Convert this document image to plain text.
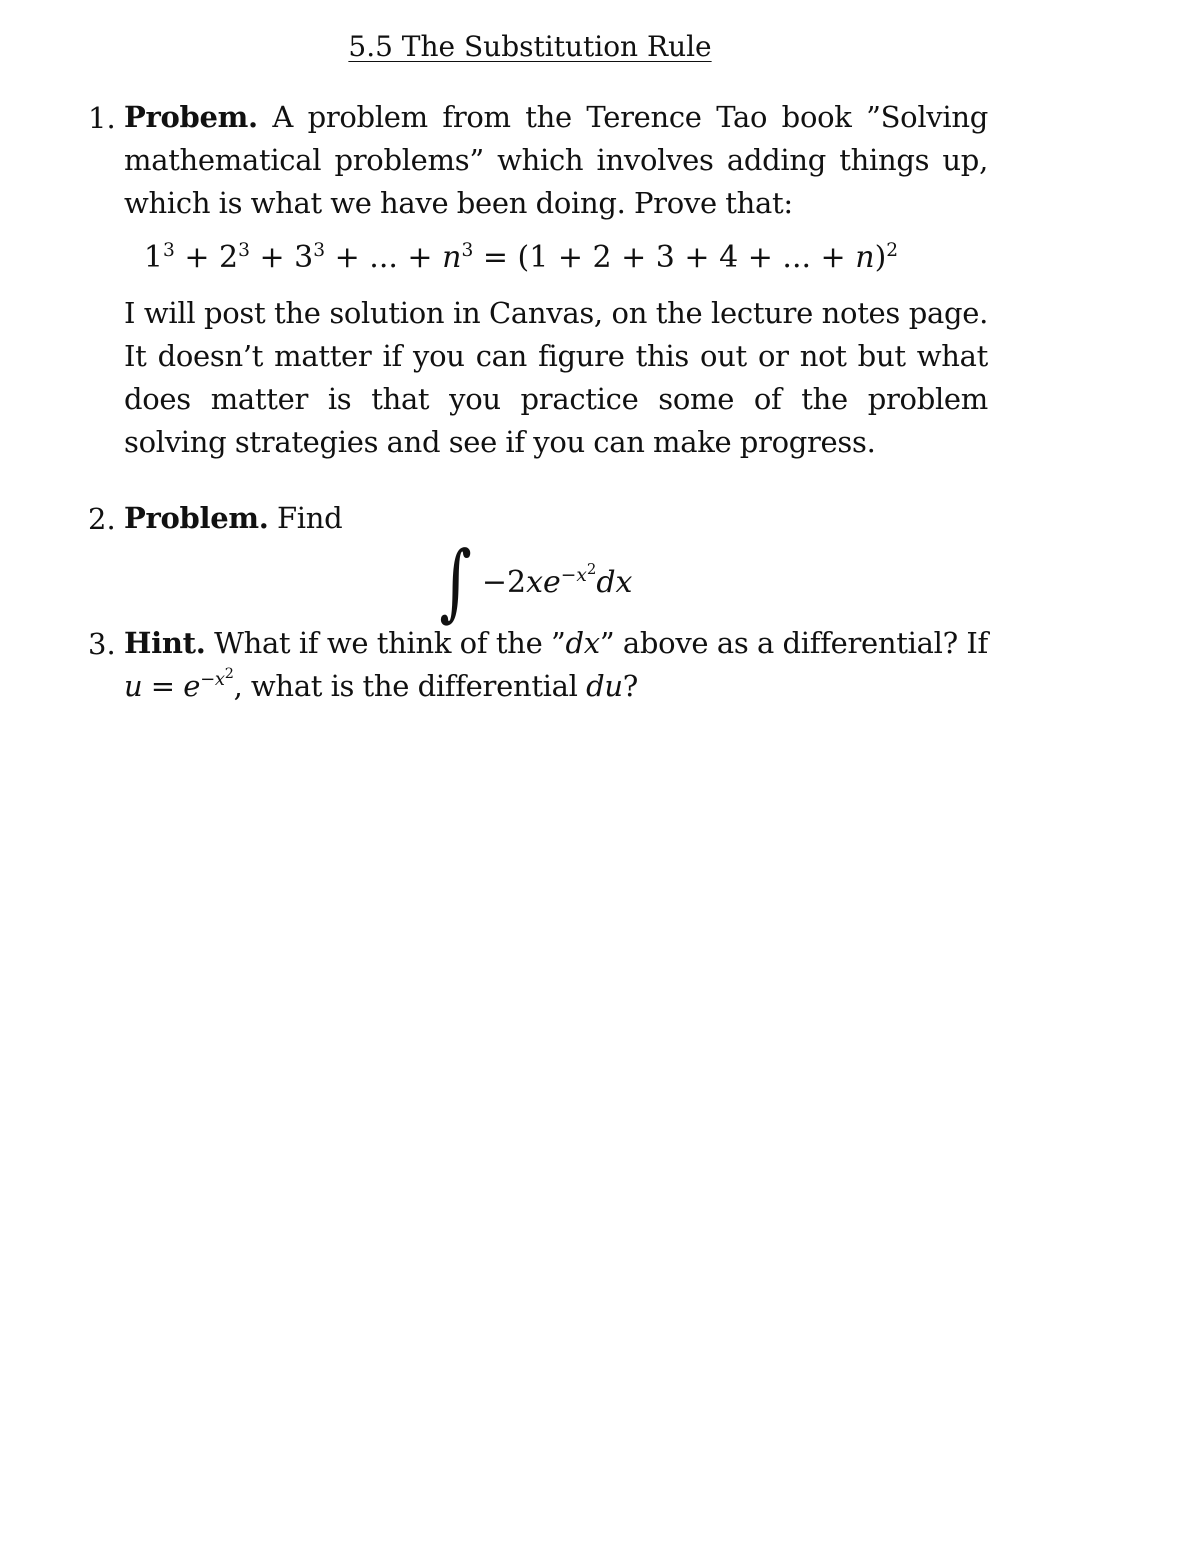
5.5 The Substitution Rule
1. Probem. A problem from the Terence Tao book ”Solving mathematical problems” which involves adding things up, which is what we have been doing. Prove that:
$1^3 + 2^3 + 3^3$ + ... + $n^3 = (1 + 2 + 3 + 4$ + ... + n)$^2$
I will post the solution in Canvas, on the lecture notes page. It doesn’t matter if you can figure this out or not but what does matter is that you practice some of the problem solving strategies and see if you can make progress.
2. Problem. Find
∫ $-2xe^{-x^2}dx$
3. Hint. What if we think of the ”dx” above as a differential? If $u = e^{-x^2}$, what is the differential du?
